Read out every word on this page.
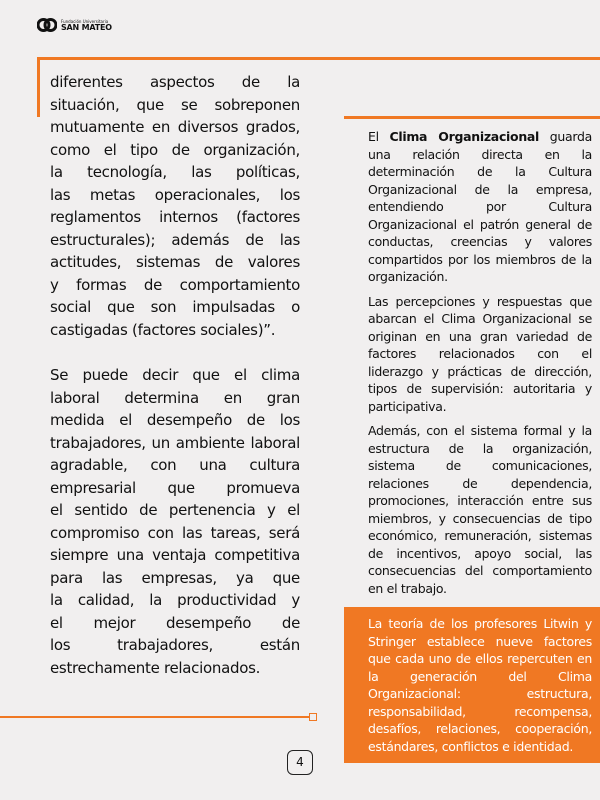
Fundación Universitaria
SAN MATEO
diferentes aspectos de la
situación, que se sobreponen
mutuamente en diversos grados,
como el tipo de organización,
la tecnología, las políticas,
las metas operacionales, los
reglamentos internos (factores
estructurales); además de las
actitudes, sistemas de valores
y formas de comportamiento
social que son impulsadas o
castigadas (factores sociales)”.
Se puede decir que el clima
laboral determina en gran
medida el desempeño de los
trabajadores, un ambiente laboral
agradable, con una cultura
empresarial que promueva
el sentido de pertenencia y el
compromiso con las tareas, será
siempre una ventaja competitiva
para las empresas, ya que
la calidad, la productividad y
el mejor desempeño de
los trabajadores, están
estrechamente relacionados.
El Clima Organizacional guarda una relación directa en la determinación de la Cultura Organizacional de la empresa, entendiendo por	Cultura Organizacional el patrón general de conductas, creencias y valores compartidos por los miembros de la organización.
Las percepciones y respuestas que abarcan el Clima Organizacional se originan en una gran variedad de factores relacionados con el liderazgo y prácticas de dirección, tipos de supervisión: autoritaria y participativa.
Además, con el sistema formal y la estructura de la organización, sistema de comunicaciones, relaciones de dependencia, promociones, interacción entre sus miembros, y consecuencias de tipo económico, remuneración, sistemas de incentivos, apoyo social, las consecuencias del comportamiento en el trabajo.
La teoría de los profesores Litwin y Stringer establece nueve factores que cada uno de ellos repercuten en la generación del Clima Organizacional: estructura, responsabilidad,	recompensa, desafíos, relaciones, cooperación, estándares, conflictos e identidad.
4
